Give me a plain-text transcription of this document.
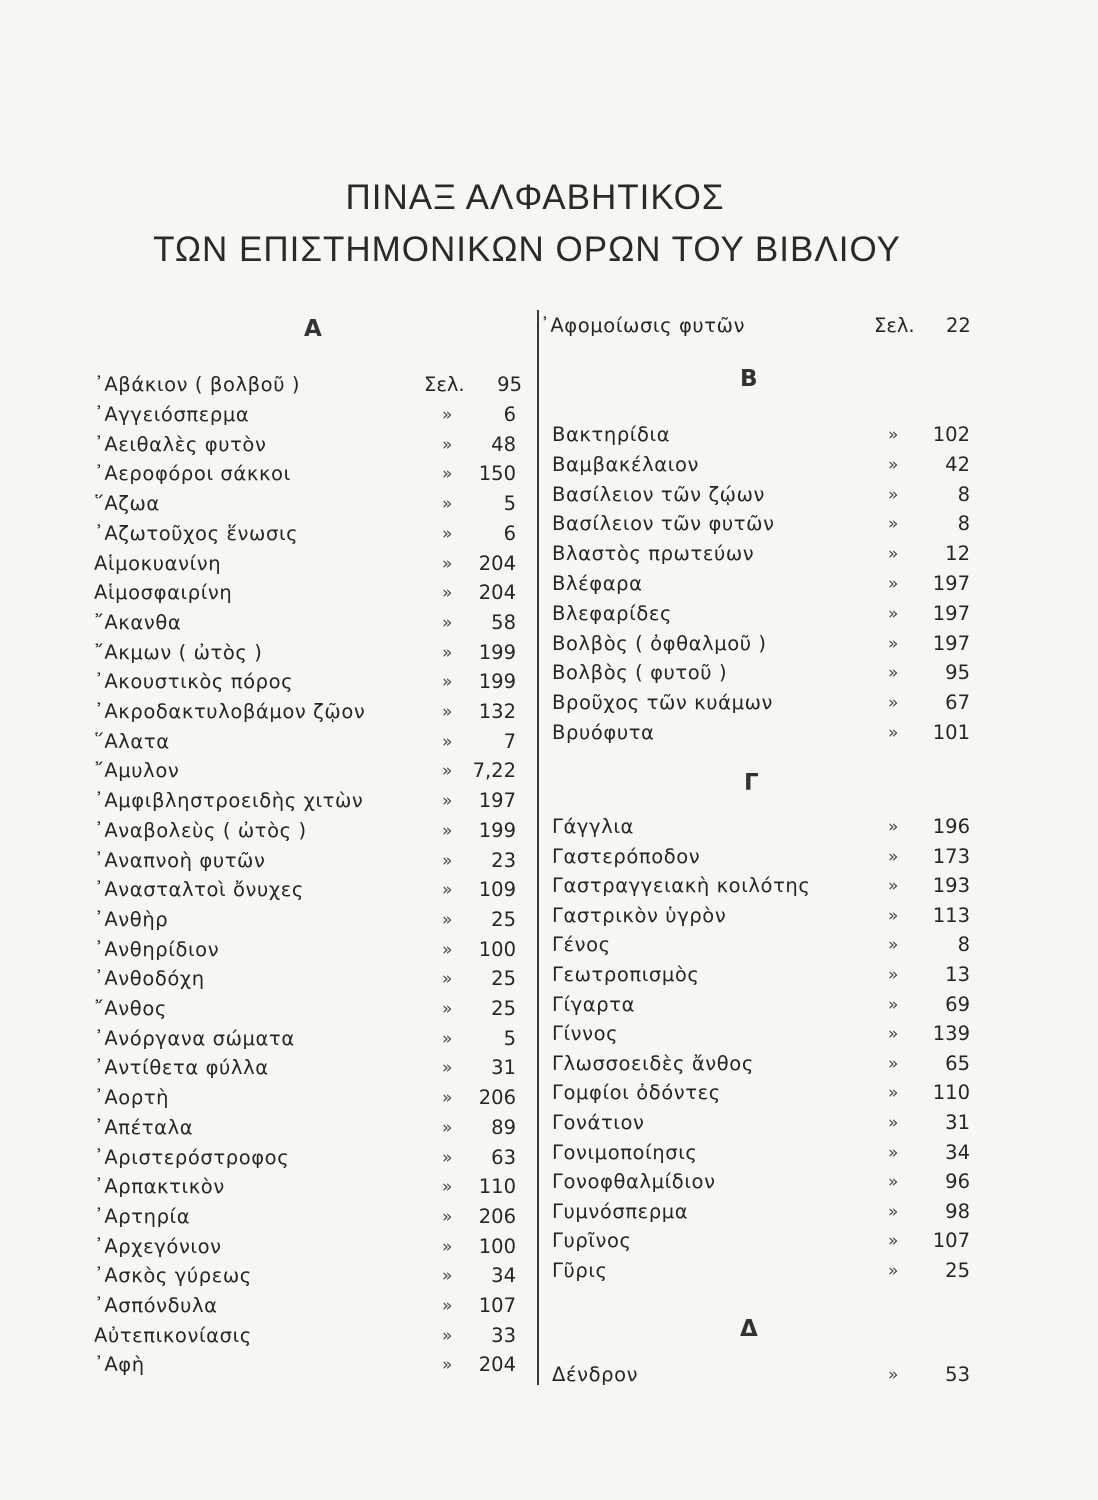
ΠΙΝΑΞ ΑΛΦΑΒΗΤΙΚΟΣ
ΤΩΝ ΕΠΙΣΤΗΜΟΝΙΚΩΝ ΟΡΩΝ ΤΟΥ ΒΙΒΛΙΟΥ
Α
᾿Αβάκιον ( βολβοῦ )	Σελ.	95
᾿Αγγειόσπερμα	»	6
᾿Αειθαλὲς φυτὸν	»	48
᾿Αεροφόροι σάκκοι	»	150
῞Αζωα	»	5
᾿Αζωτοῦχος ἕνωσις	»	6
Αἱμοκυανίνη	»	204
Αἱμοσφαιρίνη	»	204
῎Ακανθα	»	58
῎Ακμων ( ὠτὸς )	»	199
᾿Ακουστικὸς πόρος	»	199
᾿Ακροδακτυλοβάμον ζῷον	»	132
῞Αλατα	»	7
῎Αμυλον	»	7,22
᾿Αμφιβληστροειδὴς χιτὼν	»	197
᾿Αναβολεὺς ( ὠτὸς )	»	199
᾿Αναπνοὴ φυτῶν	»	23
᾿Ανασταλτοὶ ὄνυχες	»	109
᾿Ανθὴρ	»	25
᾿Ανθηρίδιον	»	100
᾿Ανθοδόχη	»	25
῎Ανθος	»	25
᾿Ανόργανα σώματα	»	5
᾿Αντίθετα φύλλα	»	31
᾿Αορτὴ	»	206
᾿Απέταλα	»	89
᾿Αριστερόστροφος	»	63
᾿Αρπακτικὸν	»	110
᾿Αρτηρία	»	206
᾿Αρχεγόνιον	»	100
᾿Ασκὸς γύρεως	»	34
᾿Ασπόνδυλα	»	107
Αὐτεπικονίασις	»	33
᾿Αφὴ	»	204
᾿Αφομοίωσις φυτῶν	Σελ. 22
Β
Βακτηρίδια	»	102
Βαμβακέλαιον	»	42
Βασίλειον τῶν ζῴων	»	8
Βασίλειον τῶν φυτῶν	»	8
Βλαστὸς πρωτεύων	»	12
Βλέφαρα	»	197
Βλεφαρίδες	»	197
Βολβὸς ( ὀφθαλμοῦ )	»	197
Βολβὸς ( φυτοῦ )	»	95
Βροῦχος τῶν κυάμων	»	67
Βρυόφυτα	»	101
Γ
Γάγγλια	»	196
Γαστερόποδον	»	173
Γαστραγγειακὴ κοιλότης	»	193
Γαστρικὸν ὑγρὸν	»	113
Γένος	»	8
Γεωτροπισμὸς	»	13
Γίγαρτα	»	69
Γίννος	»	139
Γλωσσοειδὲς ἄνθος	»	65
Γομφίοι ὀδόντες	»	110
Γονάτιον	»	31
Γονιμοποίησις	»	34
Γονοφθαλμίδιον	»	96
Γυμνόσπερμα	»	98
Γυρῖνος	»	107
Γῦρις	»	25
Δ
Δένδρον	»	53
